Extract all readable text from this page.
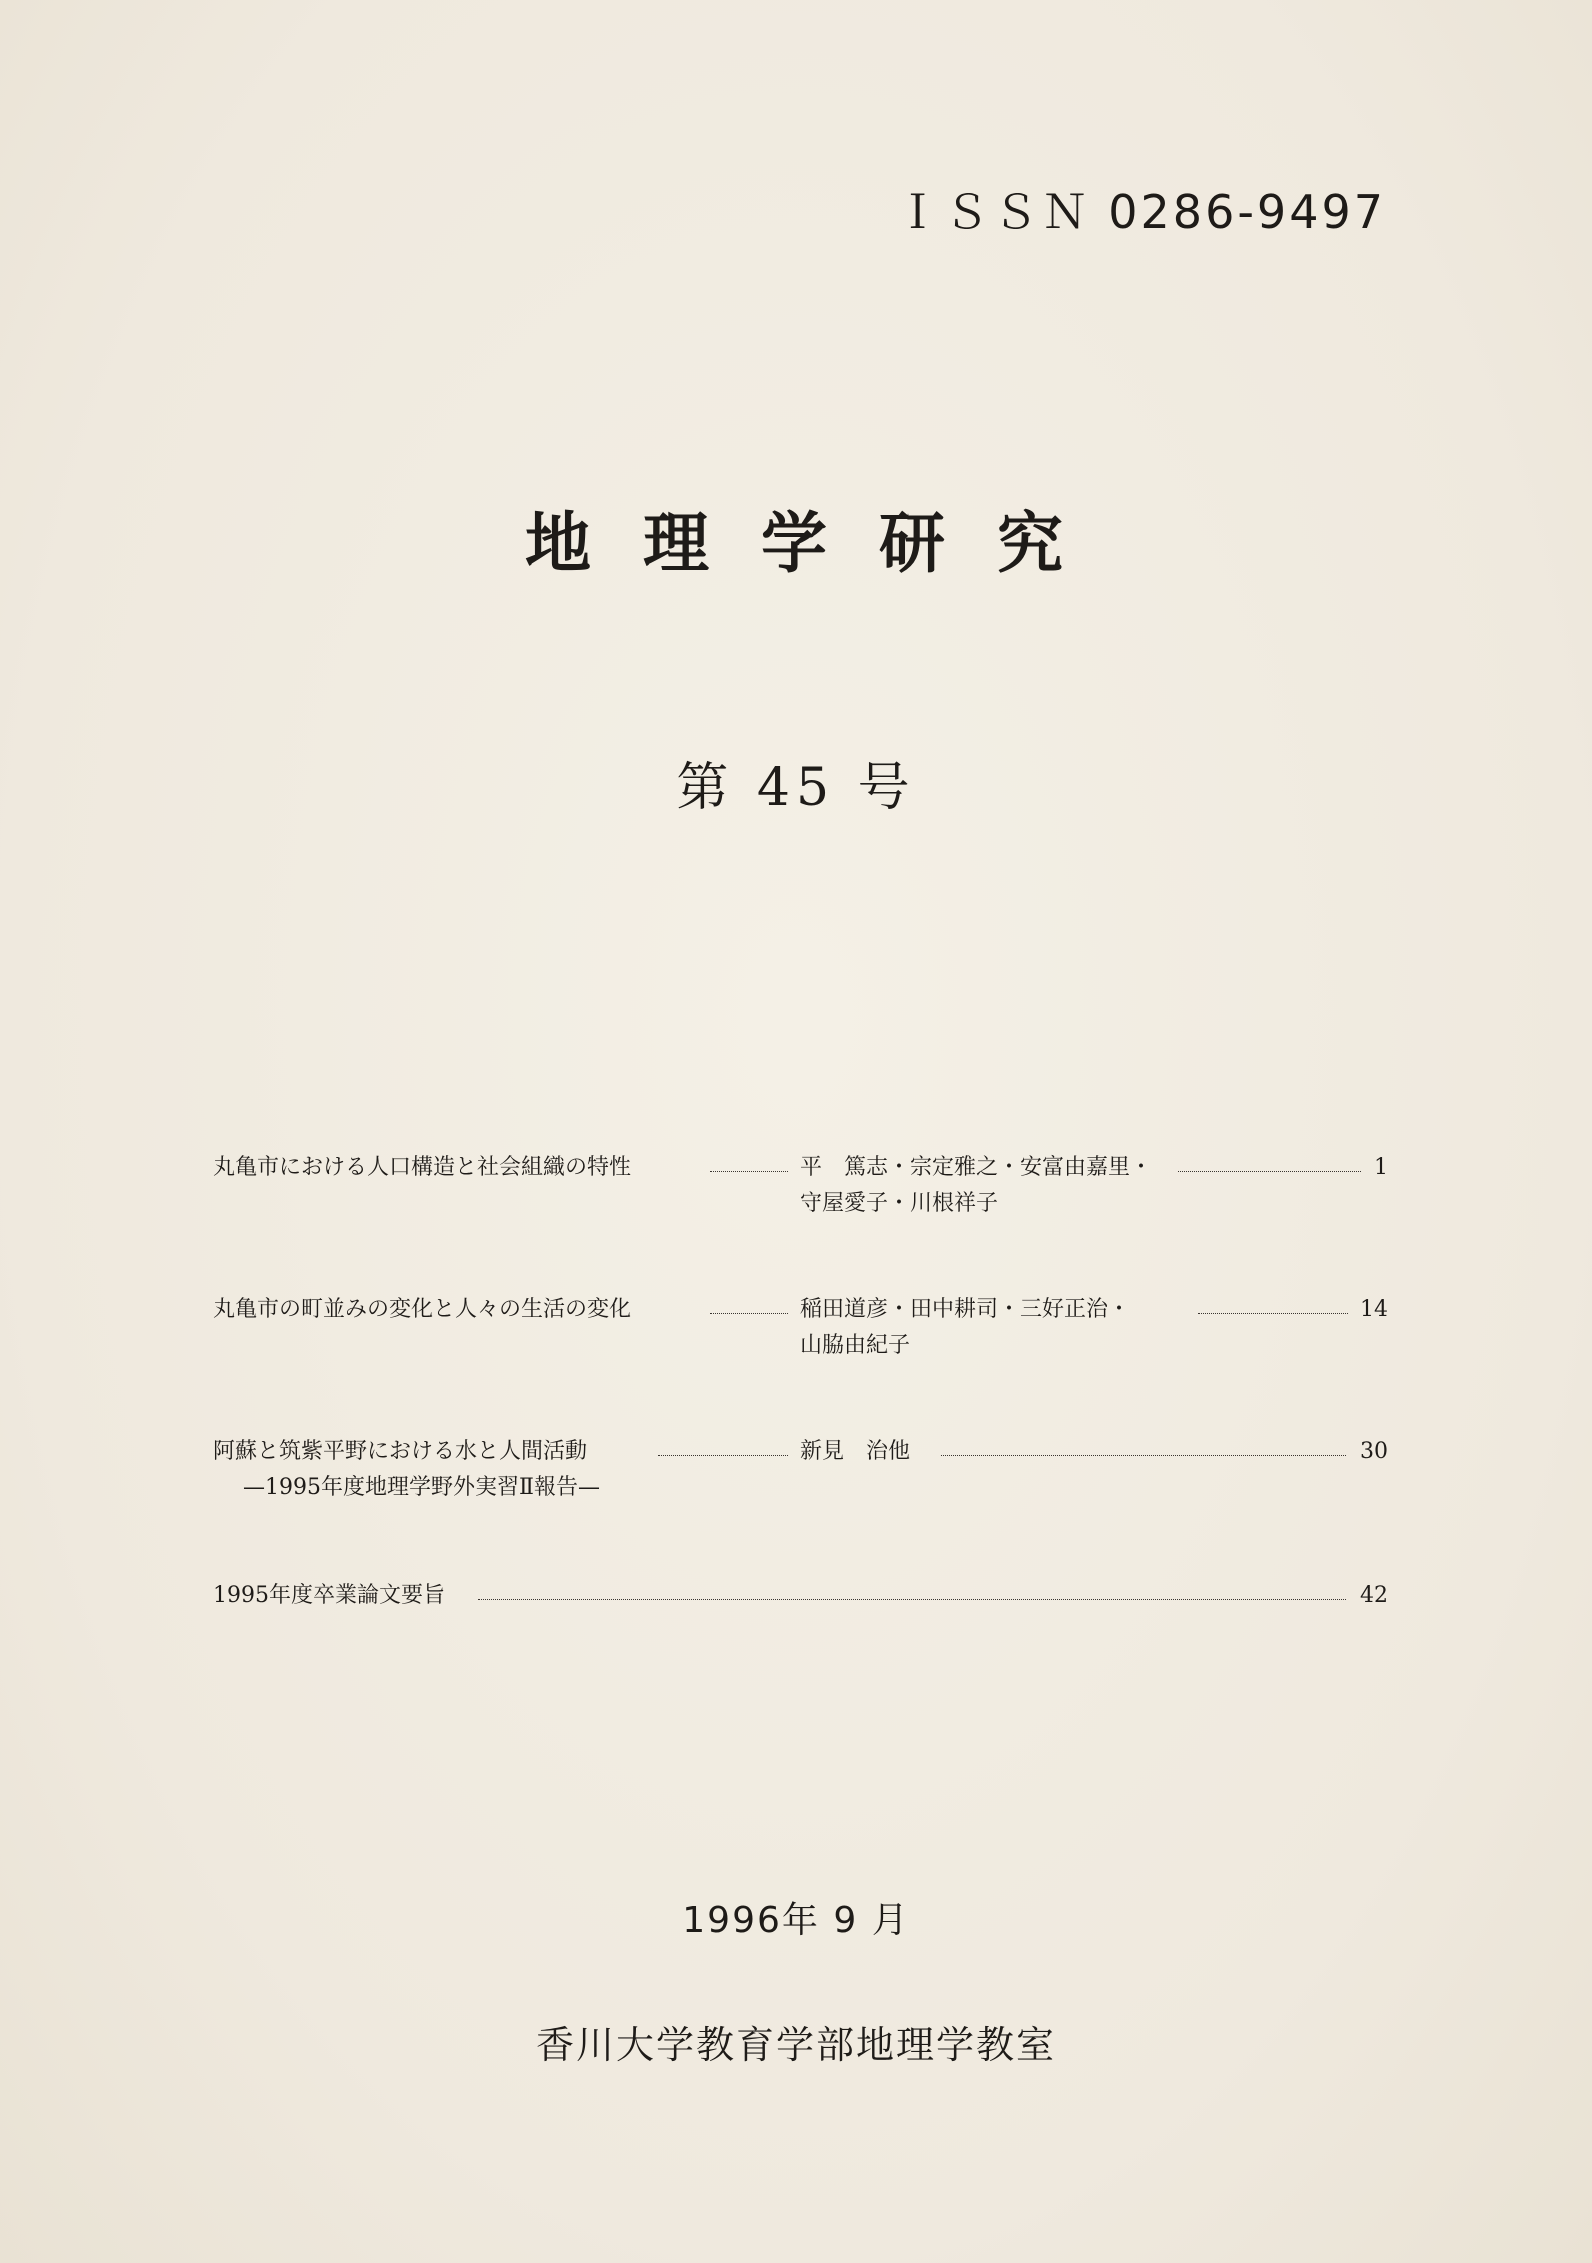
ＩＳＳＮ 0286-9497
地理学研究
第 45 号
丸亀市における人口構造と社会組織の特性	平　篤志・宗定雅之・安富由嘉里・	1
守屋愛子・川根祥子
丸亀市の町並みの変化と人々の生活の変化	稲田道彦・田中耕司・三好正治・	14
山脇由紀子
阿蘇と筑紫平野における水と人間活動	新見　治他	30
—1995年度地理学野外実習Ⅱ報告—
1995年度卒業論文要旨	42
1996年 9 月
香川大学教育学部地理学教室
